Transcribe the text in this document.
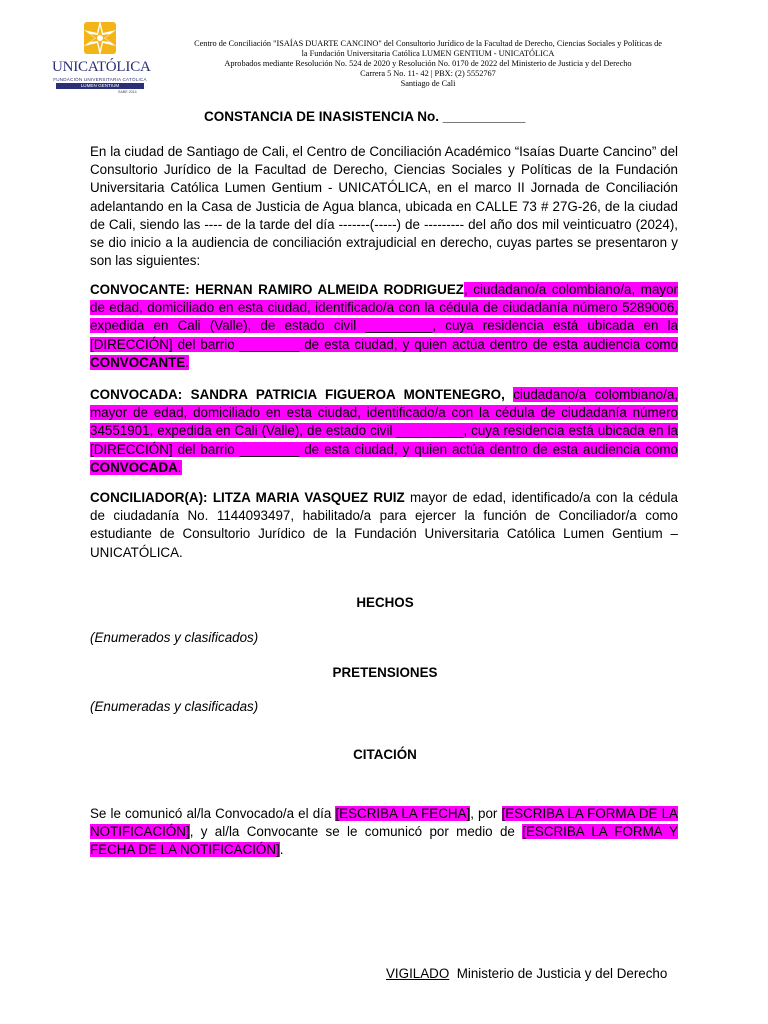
UNICATÓLICA
FUNDACIÓN UNIVERSITARIA CATÓLICA
LUMEN GENTIUM
SABE 2014
Centro de Conciliación "ISAÍAS DUARTE CANCINO" del Consultorio Jurídico de la Facultad de Derecho, Ciencias Sociales y Políticas de
la Fundación Universitaria Católica LUMEN GENTIUM - UNICATÓLICA
Aprobados mediante Resolución No. 524 de 2020 y Resolución No. 0170 de 2022 del Ministerio de Justicia y del Derecho
Carrera 5 No. 11- 42 | PBX: (2) 5552767
Santiago de Cali
CONSTANCIA DE INASISTENCIA No. ___________
En la ciudad de Santiago de Cali, el Centro de Conciliación Académico “Isaías Duarte Cancino” del Consultorio Jurídico de la Facultad de Derecho, Ciencias Sociales y Políticas de la Fundación Universitaria Católica Lumen Gentium - UNICATÓLICA, en el marco II Jornada de Conciliación adelantando en la Casa de Justicia de Agua blanca, ubicada en CALLE 73 # 27G-26, de la ciudad de Cali, siendo las ---- de la tarde del día -------(-----) de --------- del año dos mil veinticuatro (2024), se dio inicio a la audiencia de conciliación extrajudicial en derecho, cuyas partes se presentaron y son las siguientes:
CONVOCANTE: HERNAN RAMIRO ALMEIDA RODRIGUEZ, ciudadano/a colombiano/a, mayor de edad, domiciliado en esta ciudad, identificado/a con la cédula de ciudadanía número 5289006, expedida en Cali (Valle), de estado civil _________, cuya residencia está ubicada en la [DIRECCIÓN] del barrio ________ de esta ciudad, y quien actúa dentro de esta audiencia como CONVOCANTE.
CONVOCADA: SANDRA PATRICIA FIGUEROA MONTENEGRO, ciudadano/a colombiano/a, mayor de edad, domiciliado en esta ciudad, identificado/a con la cédula de ciudadanía número 34551901, expedida en Cali (Valle), de estado civil _________, cuya residencia está ubicada en la [DIRECCIÓN] del barrio ________ de esta ciudad, y quien actúa dentro de esta audiencia como CONVOCADA.
CONCILIADOR(A): LITZA MARIA VASQUEZ RUIZ mayor de edad, identificado/a con la cédula de ciudadanía No. 1144093497, habilitado/a para ejercer la función de Conciliador/a como estudiante de Consultorio Jurídico de la Fundación Universitaria Católica Lumen Gentium – UNICATÓLICA.
HECHOS
(Enumerados y clasificados)
PRETENSIONES
(Enumeradas y clasificadas)
CITACIÓN
Se le comunicó al/la Convocado/a el día [ESCRIBA LA FECHA], por [ESCRIBA LA FORMA DE LA NOTIFICACIÓN], y al/la Convocante se le comunicó por medio de [ESCRIBA LA FORMA Y FECHA DE LA NOTIFICACIÓN].
VIGILADO  Ministerio de Justicia y del Derecho
